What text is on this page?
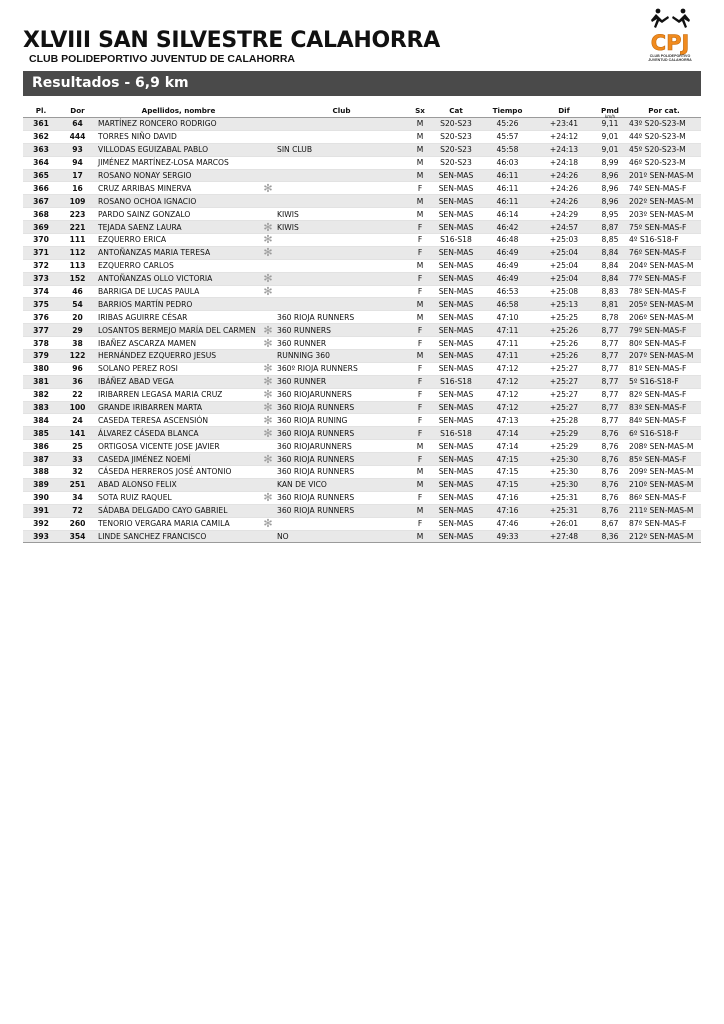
XLVIII SAN SILVESTRE CALAHORRA
CLUB POLIDEPORTIVO JUVENTUD DE CALAHORRA
CPJ
CLUB POLIDEPORTIVO JUVENTUD CALAHORRA
Resultados - 6,9 km
Pl.	Dor	Apellidos, nombre		Club	Sx	Cat	Tiempo	Dif	Pmd
km/h	Por cat.
361	64	MARTÍNEZ RONCERO RODRIGO			M	S20-S23	45:26	+23:41	9,11	43º S20-S23-M
362	444	TORRES NIÑO DAVID			M	S20-S23	45:57	+24:12	9,01	44º S20-S23-M
363	93	VILLODAS EGUIZABAL PABLO		SIN CLUB	M	S20-S23	45:58	+24:13	9,01	45º S20-S23-M
364	94	JIMÉNEZ MARTÍNEZ-LOSA MARCOS			M	S20-S23	46:03	+24:18	8,99	46º S20-S23-M
365	17	ROSANO NONAY SERGIO			M	SEN-MAS	46:11	+24:26	8,96	201º SEN-MAS-M
366	16	CRUZ ARRIBAS MINERVA	✻		F	SEN-MAS	46:11	+24:26	8,96	74º SEN-MAS-F
367	109	ROSANO OCHOA IGNACIO			M	SEN-MAS	46:11	+24:26	8,96	202º SEN-MAS-M
368	223	PARDO SAINZ GONZALO		KIWIS	M	SEN-MAS	46:14	+24:29	8,95	203º SEN-MAS-M
369	221	TEJADA SAENZ LAURA	✻	KIWIS	F	SEN-MAS	46:42	+24:57	8,87	75º SEN-MAS-F
370	111	EZQUERRO ERICA	✻		F	S16-S18	46:48	+25:03	8,85	4º S16-S18-F
371	112	ANTOÑANZAS MARIA TERESA	✻		F	SEN-MAS	46:49	+25:04	8,84	76º SEN-MAS-F
372	113	EZQUERRO CARLOS			M	SEN-MAS	46:49	+25:04	8,84	204º SEN-MAS-M
373	152	ANTOÑANZAS OLLO VICTORIA	✻		F	SEN-MAS	46:49	+25:04	8,84	77º SEN-MAS-F
374	46	BARRIGA DE LUCAS PAULA	✻		F	SEN-MAS	46:53	+25:08	8,83	78º SEN-MAS-F
375	54	BARRIOS MARTÍN PEDRO			M	SEN-MAS	46:58	+25:13	8,81	205º SEN-MAS-M
376	20	IRIBAS AGUIRRE CÉSAR		360 RIOJA RUNNERS	M	SEN-MAS	47:10	+25:25	8,78	206º SEN-MAS-M
377	29	LOSANTOS BERMEJO MARÍA DEL CARMEN	✻	360 RUNNERS	F	SEN-MAS	47:11	+25:26	8,77	79º SEN-MAS-F
378	38	IBAÑEZ ASCARZA MAMEN	✻	360 RUNNER	F	SEN-MAS	47:11	+25:26	8,77	80º SEN-MAS-F
379	122	HERNÁNDEZ EZQUERRO JESUS		RUNNING 360	M	SEN-MAS	47:11	+25:26	8,77	207º SEN-MAS-M
380	96	SOLANO PEREZ ROSI	✻	360º RIOJA RUNNERS	F	SEN-MAS	47:12	+25:27	8,77	81º SEN-MAS-F
381	36	IBÁÑEZ ABAD VEGA	✻	360 RUNNER	F	S16-S18	47:12	+25:27	8,77	5º S16-S18-F
382	22	IRIBARREN LEGASA MARIA CRUZ	✻	360 RIOJARUNNERS	F	SEN-MAS	47:12	+25:27	8,77	82º SEN-MAS-F
383	100	GRANDE IRIBARREN MARTA	✻	360 RIOJA RUNNERS	F	SEN-MAS	47:12	+25:27	8,77	83º SEN-MAS-F
384	24	CASEDA TERESA ASCENSIÓN	✻	360 RIOJA RUNING	F	SEN-MAS	47:13	+25:28	8,77	84º SEN-MAS-F
385	141	ÁLVAREZ CÁSEDA BLANCA	✻	360 RIOJA RUNNERS	F	S16-S18	47:14	+25:29	8,76	6º S16-S18-F
386	25	ORTIGOSA VICENTE JOSE JAVIER		360 RIOJARUNNERS	M	SEN-MAS	47:14	+25:29	8,76	208º SEN-MAS-M
387	33	CASEDA JIMÉNEZ NOEMÍ	✻	360 RIOJA RUNNERS	F	SEN-MAS	47:15	+25:30	8,76	85º SEN-MAS-F
388	32	CÁSEDA HERREROS JOSÉ ANTONIO		360 RIOJA RUNNERS	M	SEN-MAS	47:15	+25:30	8,76	209º SEN-MAS-M
389	251	ABAD ALONSO FELIX		KAN DE VICO	M	SEN-MAS	47:15	+25:30	8,76	210º SEN-MAS-M
390	34	SOTA RUIZ RAQUEL	✻	360 RIOJA RUNNERS	F	SEN-MAS	47:16	+25:31	8,76	86º SEN-MAS-F
391	72	SÁDABA DELGADO CAYO GABRIEL		360 RIOJA RUNNERS	M	SEN-MAS	47:16	+25:31	8,76	211º SEN-MAS-M
392	260	TENORIO VERGARA MARIA CAMILA	✻		F	SEN-MAS	47:46	+26:01	8,67	87º SEN-MAS-F
393	354	LINDE SANCHEZ FRANCISCO		NO	M	SEN-MAS	49:33	+27:48	8,36	212º SEN-MAS-M
